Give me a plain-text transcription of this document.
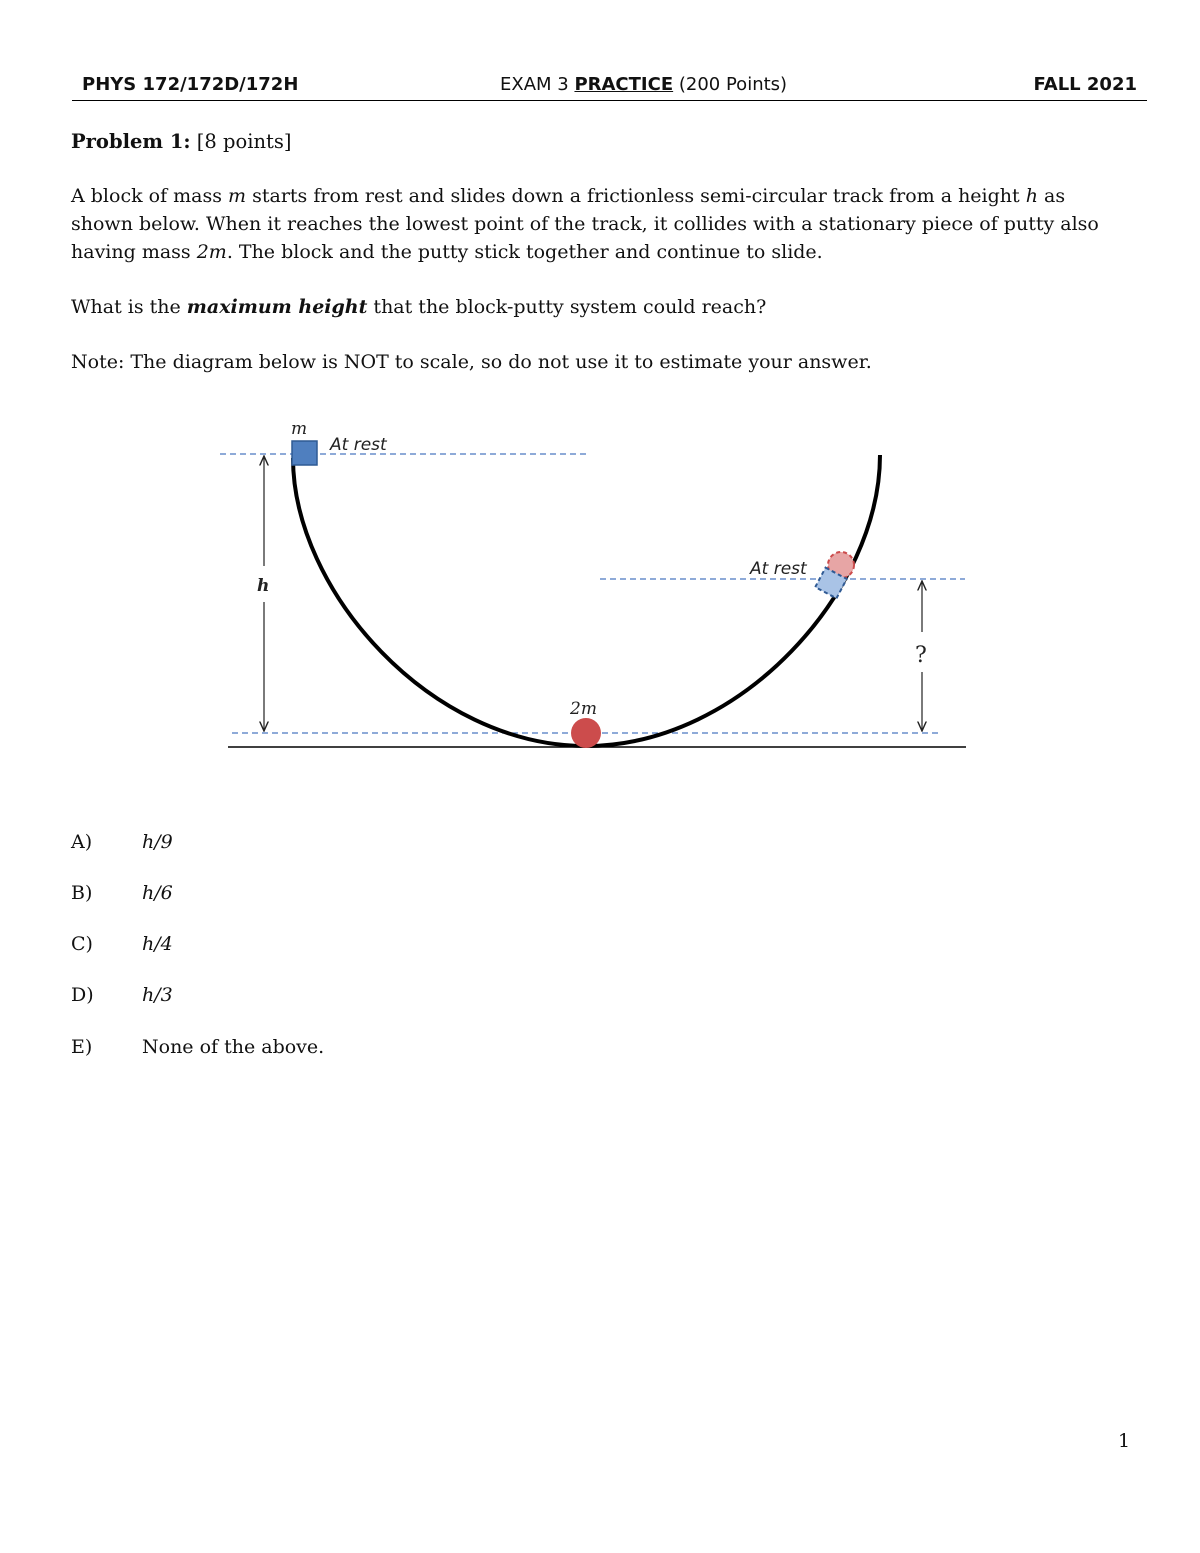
PHYS 172/172D/172H	EXAM 3 PRACTICE (200 Points)	FALL 2021
Problem 1: [8 points]
A block of mass m starts from rest and slides down a frictionless semi-circular track from a height h as shown below. When it reaches the lowest point of the track, it collides with a stationary piece of putty also having mass 2m. The block and the putty stick together and continue to slide.
What is the maximum height that the block-putty system could reach?
Note: The diagram below is NOT to scale, so do not use it to estimate your answer.
h
?
m
At rest
2m
At rest
A)	h/9
B)	h/6
C)	h/4
D)	h/3
E)	None of the above.
1
